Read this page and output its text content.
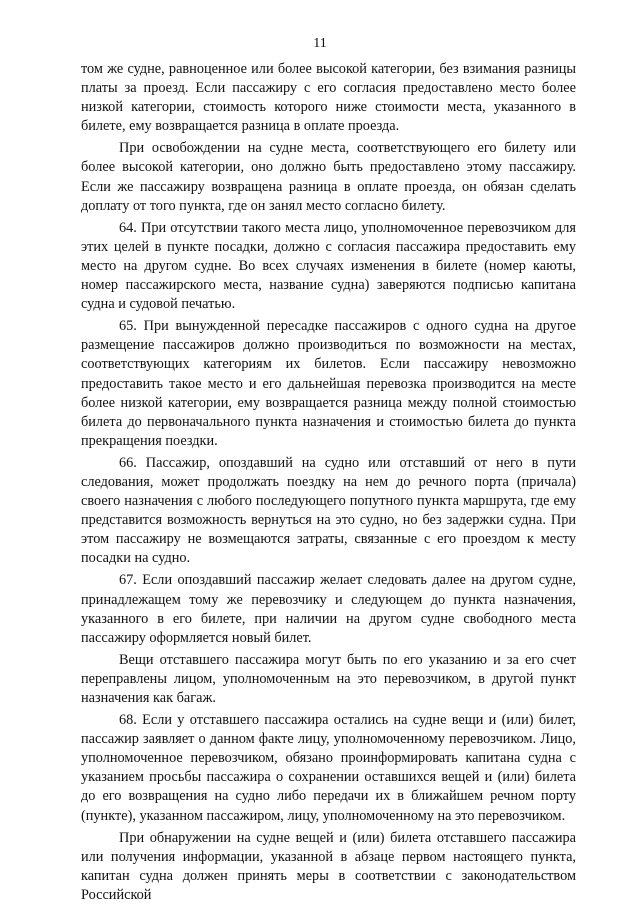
11

том же судне, равноценное или более высокой категории, без взимания разницы платы за проезд. Если пассажиру с его согласия предоставлено место более низкой категории, стоимость которого ниже стоимости места, указанного в билете, ему возвращается разница в оплате проезда.

При освобождении на судне места, соответствующего его билету или более высокой категории, оно должно быть предоставлено этому пассажиру. Если же пассажиру возвращена разница в оплате проезда, он обязан сделать доплату от того пункта, где он занял место согласно билету.

64. При отсутствии такого места лицо, уполномоченное перевозчиком для этих целей в пункте посадки, должно с согласия пассажира предоставить ему место на другом судне. Во всех случаях изменения в билете (номер каюты, номер пассажирского места, название судна) заверяются подписью капитана судна и судовой печатью.

65. При вынужденной пересадке пассажиров с одного судна на другое размещение пассажиров должно производиться по возможности на местах, соответствующих категориям их билетов. Если пассажиру невозможно предоставить такое место и его дальнейшая перевозка производится на месте более низкой категории, ему возвращается разница между полной стоимостью билета до первоначального пункта назначения и стоимостью билета до пункта прекращения поездки.

66. Пассажир, опоздавший на судно или отставший от него в пути следования, может продолжать поездку на нем до речного порта (причала) своего назначения с любого последующего попутного пункта маршрута, где ему представится возможность вернуться на это судно, но без задержки судна. При этом пассажиру не возмещаются затраты, связанные с его проездом к месту посадки на судно.

67. Если опоздавший пассажир желает следовать далее на другом судне, принадлежащем тому же перевозчику и следующем до пункта назначения, указанного в его билете, при наличии на другом судне свободного места пассажиру оформляется новый билет.

Вещи отставшего пассажира могут быть по его указанию и за его счет переправлены лицом, уполномоченным на это перевозчиком, в другой пункт назначения как багаж.

68. Если у отставшего пассажира остались на судне вещи и (или) билет, пассажир заявляет о данном факте лицу, уполномоченному перевозчиком. Лицо, уполномоченное перевозчиком, обязано проинформировать капитана судна с указанием просьбы пассажира о сохранении оставшихся вещей и (или) билета до его возвращения на судно либо передачи их в ближайшем речном порту (пункте), указанном пассажиром, лицу, уполномоченному на это перевозчиком.

При обнаружении на судне вещей и (или) билета отставшего пассажира или получения информации, указанной в абзаце первом настоящего пункта, капитан судна должен принять меры в соответствии с законодательством Российской
